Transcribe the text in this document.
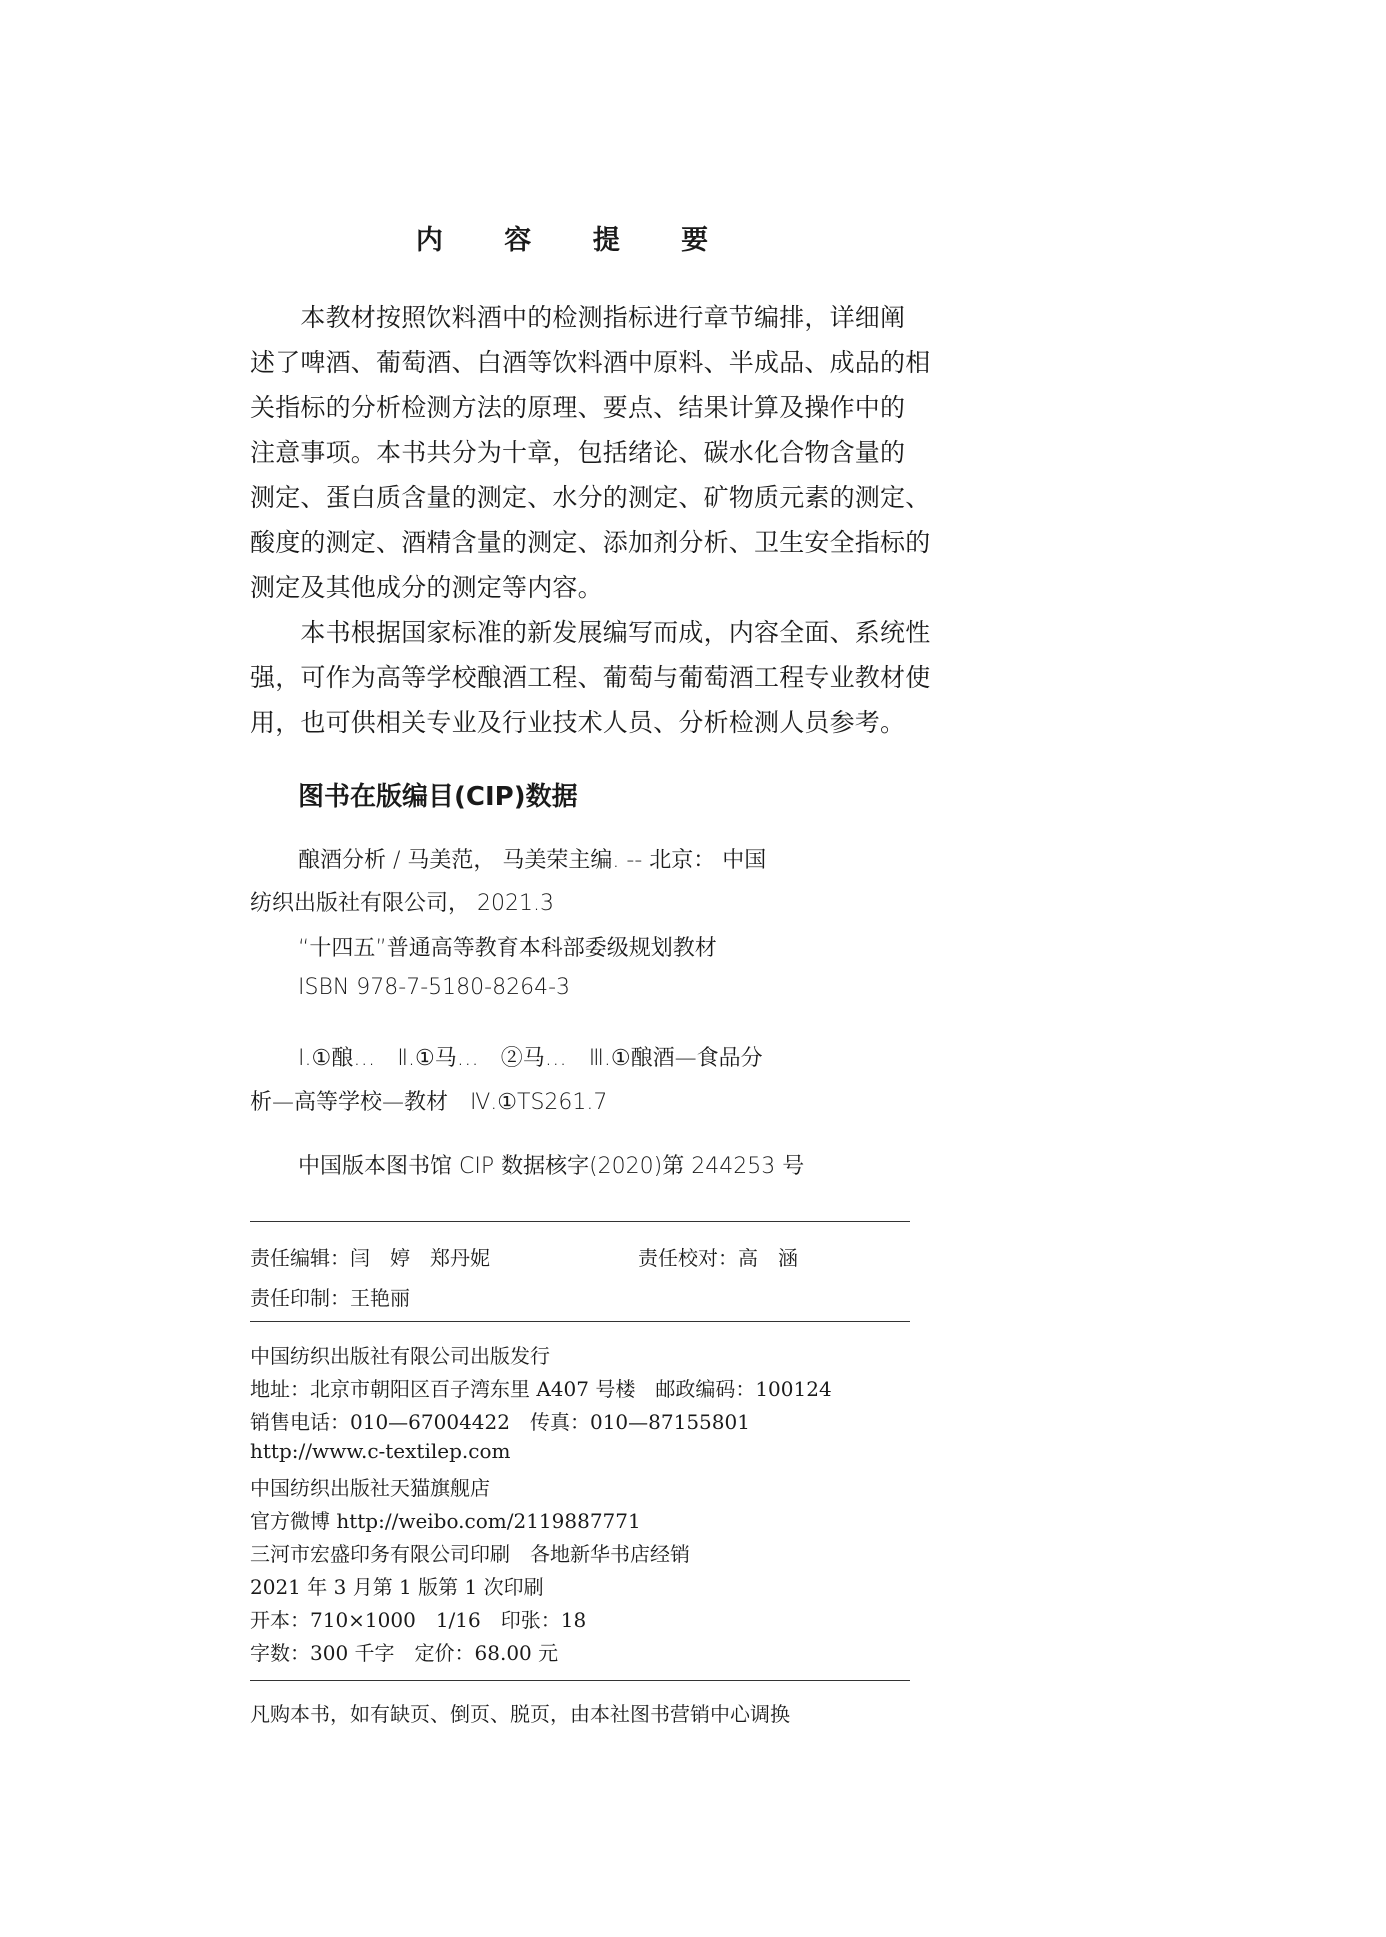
内 容 提 要
　　本教材按照饮料酒中的检测指标进行章节编排，详细阐
述了啤酒、葡萄酒、白酒等饮料酒中原料、半成品、成品的相
关指标的分析检测方法的原理、要点、结果计算及操作中的
注意事项。本书共分为十章，包括绪论、碳水化合物含量的
测定、蛋白质含量的测定、水分的测定、矿物质元素的测定、
酸度的测定、酒精含量的测定、添加剂分析、卫生安全指标的
测定及其他成分的测定等内容。
　　本书根据国家标准的新发展编写而成，内容全面、系统性
强，可作为高等学校酿酒工程、葡萄与葡萄酒工程专业教材使
用，也可供相关专业及行业技术人员、分析检测人员参考。
图书在版编目(CIP)数据
酿酒分析 / 马美范， 马美荣主编. -- 北京： 中国
纺织出版社有限公司， 2021.3
“十四五”普通高等教育本科部委级规划教材
ISBN 978-7-5180-8264-3
Ⅰ.①酿…　Ⅱ.①马…　②马…　Ⅲ.①酿酒—食品分
析—高等学校—教材　Ⅳ.①TS261.7
中国版本图书馆 CIP 数据核字(2020)第 244253 号
责任编辑：闫　婷　郑丹妮	责任校对：高　涵
责任印制：王艳丽
中国纺织出版社有限公司出版发行
地址：北京市朝阳区百子湾东里 A407 号楼　邮政编码：100124
销售电话：010—67004422　传真：010—87155801
http://www.c-textilep.com
中国纺织出版社天猫旗舰店
官方微博 http://weibo.com/2119887771
三河市宏盛印务有限公司印刷　各地新华书店经销
2021 年 3 月第 1 版第 1 次印刷
开本：710×1000　1/16　印张：18
字数：300 千字　定价：68.00 元
凡购本书，如有缺页、倒页、脱页，由本社图书营销中心调换
